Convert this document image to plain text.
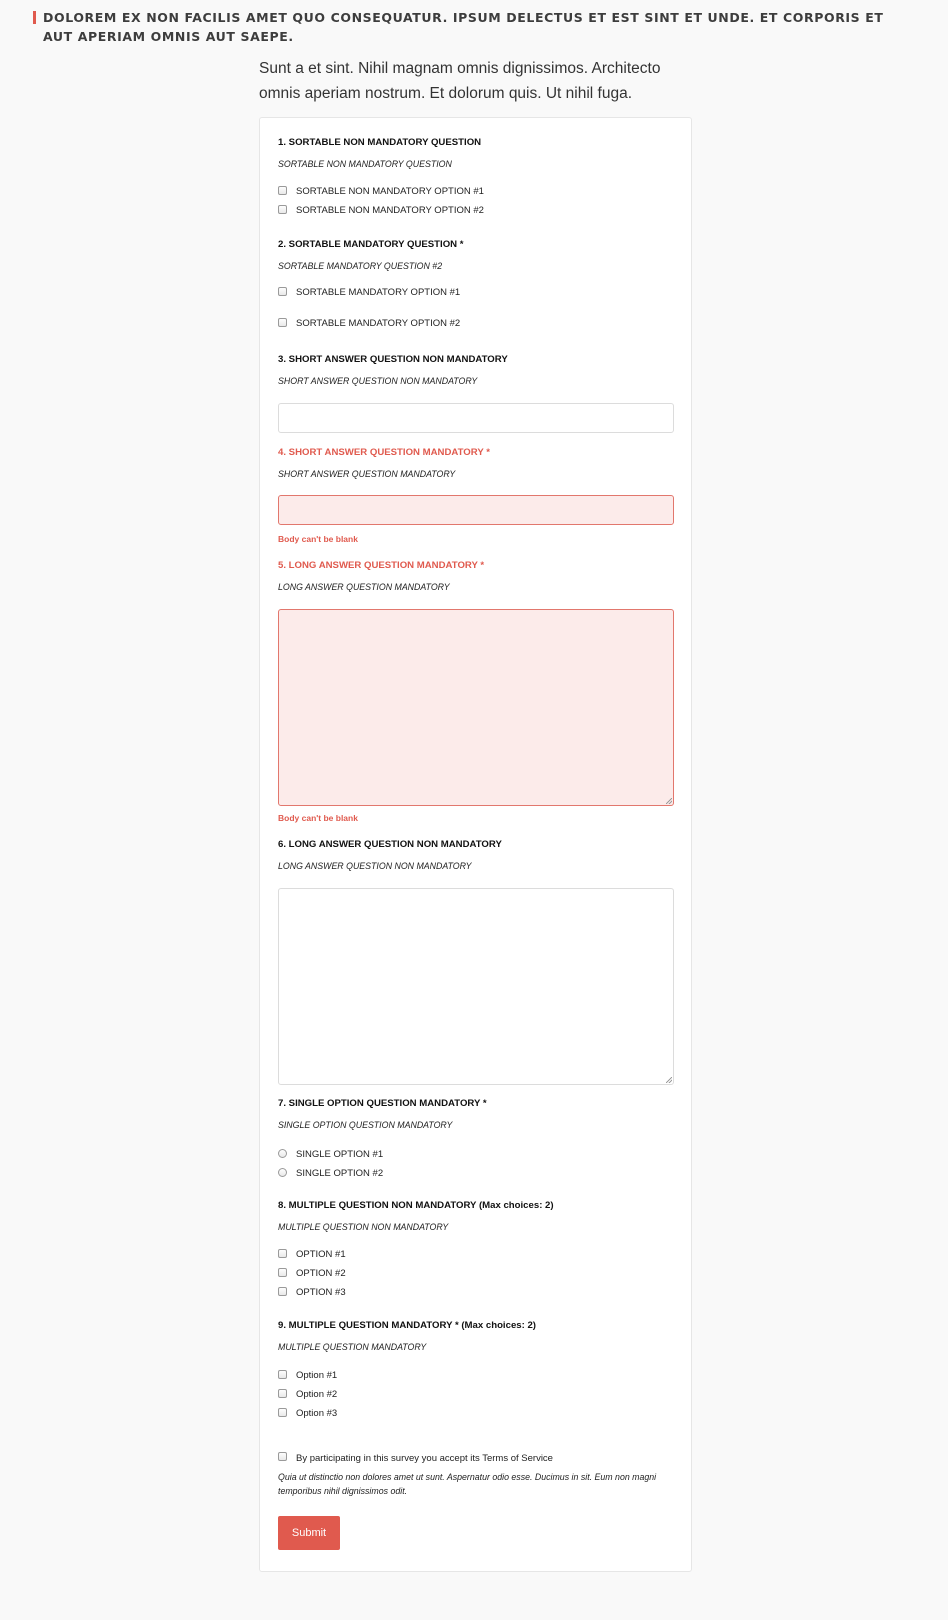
DOLOREM EX NON FACILIS AMET QUO CONSEQUATUR. IPSUM DELECTUS ET EST SINT ET UNDE. ET CORPORIS ET AUT APERIAM OMNIS AUT SAEPE.
Sunt a et sint. Nihil magnam omnis dignissimos. Architecto omnis aperiam nostrum. Et dolorum quis. Ut nihil fuga.
1. SORTABLE NON MANDATORY QUESTION
SORTABLE NON MANDATORY QUESTION
SORTABLE NON MANDATORY OPTION #1
SORTABLE NON MANDATORY OPTION #2
2. SORTABLE MANDATORY QUESTION *
SORTABLE MANDATORY QUESTION #2
SORTABLE MANDATORY OPTION #1
SORTABLE MANDATORY OPTION #2
3. SHORT ANSWER QUESTION NON MANDATORY
SHORT ANSWER QUESTION NON MANDATORY
4. SHORT ANSWER QUESTION MANDATORY *
SHORT ANSWER QUESTION MANDATORY
Body can't be blank
5. LONG ANSWER QUESTION MANDATORY *
LONG ANSWER QUESTION MANDATORY
Body can't be blank
6. LONG ANSWER QUESTION NON MANDATORY
LONG ANSWER QUESTION NON MANDATORY
7. SINGLE OPTION QUESTION MANDATORY *
SINGLE OPTION QUESTION MANDATORY
SINGLE OPTION #1
SINGLE OPTION #2
8. MULTIPLE QUESTION NON MANDATORY (Max choices: 2)
MULTIPLE QUESTION NON MANDATORY
OPTION #1
OPTION #2
OPTION #3
9. MULTIPLE QUESTION MANDATORY * (Max choices: 2)
MULTIPLE QUESTION MANDATORY
Option #1
Option #2
Option #3
By participating in this survey you accept its Terms of Service
Quia ut distinctio non dolores amet ut sunt. Aspernatur odio esse. Ducimus in sit. Eum non magni temporibus nihil dignissimos odit.
Submit
